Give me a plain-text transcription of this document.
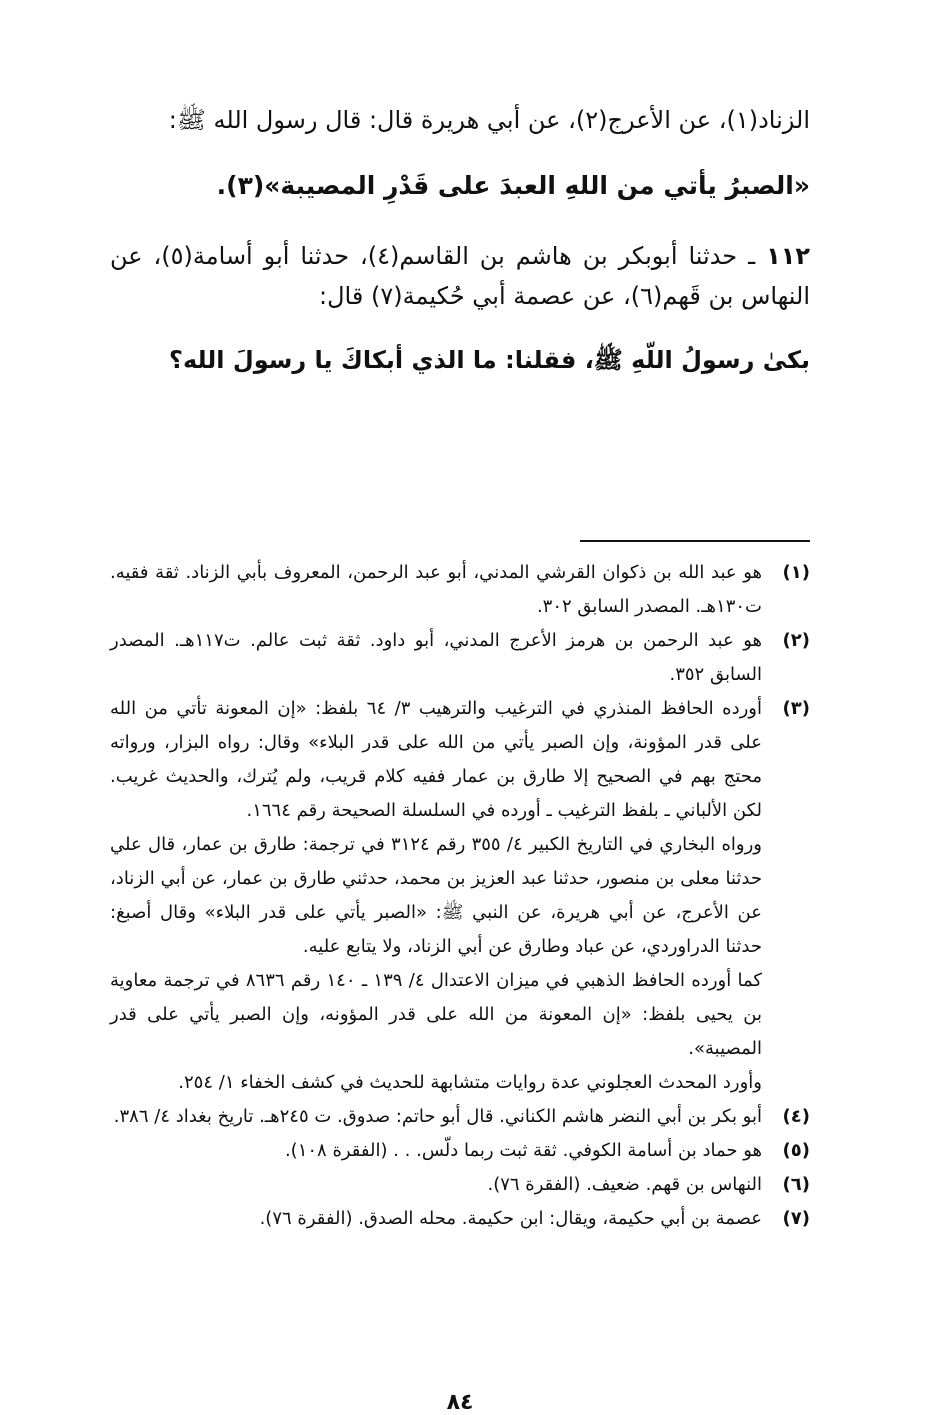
الزناد(١)، عن الأعرج(٢)، عن أبي هريرة قال: قال رسول الله ﷺ:

«الصبرُ يأتي من اللهِ العبدَ على قَدْرِ المصيبة»(٣).

١١٢ ـ حدثنا أبوبكر بن هاشم بن القاسم(٤)، حدثنا أبو أسامة(٥)، عن النهاس بن قَهم(٦)، عن عصمة أبي حُكيمة(٧) قال:

بكىٰ رسولُ اللّهِ ﷺ، فقلنا: ما الذي أبكاكَ يا رسولَ الله؟

(١)

هو عبد الله بن ذكوان القرشي المدني، أبو عبد الرحمن، المعروف بأبي الزناد. ثقة فقيه. ت١٣٠هـ. المصدر السابق ٣٠٢.

(٢)

هو عبد الرحمن بن هرمز الأعرج المدني، أبو داود. ثقة ثبت عالم. ت١١٧هـ. المصدر السابق ٣٥٢.

(٣)

أورده الحافظ المنذري في الترغيب والترهيب ٣/ ٦٤ بلفظ: «إن المعونة تأتي من الله على قدر المؤونة، وإن الصبر يأتي من الله على قدر البلاء» وقال: رواه البزار، ورواته محتج بهم في الصحيح إلا طارق بن عمار ففيه كلام قريب، ولم يُترك، والحديث غريب. لكن الألباني ـ بلفظ الترغيب ـ أورده في السلسلة الصحيحة رقم ١٦٦٤.

ورواه البخاري في التاريخ الكبير ٤/ ٣٥٥ رقم ٣١٢٤ في ترجمة: طارق بن عمار، قال علي حدثنا معلى بن منصور، حدثنا عبد العزيز بن محمد، حدثني طارق بن عمار، عن أبي الزناد، عن الأعرج، عن أبي هريرة، عن النبي ﷺ: «الصبر يأتي على قدر البلاء» وقال أصبغ: حدثنا الدراوردي، عن عباد وطارق عن أبي الزناد، ولا يتابع عليه.

كما أورده الحافظ الذهبي في ميزان الاعتدال ٤/ ١٣٩ ـ ١٤٠ رقم ٨٦٣٦ في ترجمة معاوية بن يحيى بلفظ: «إن المعونة من الله على قدر المؤونه، وإن الصبر يأتي على قدر المصيبة».

وأورد المحدث العجلوني عدة روايات متشابهة للحديث في كشف الخفاء ١/ ٢٥٤.

(٤)

أبو بكر بن أبي النضر هاشم الكناني. قال أبو حاتم: صدوق. ت ٢٤٥هـ. تاريخ بغداد ٤/ ٣٨٦.

(٥)

هو حماد بن أسامة الكوفي. ثقة ثبت ربما دلّس. . . (الفقرة ١٠٨).

(٦)

النهاس بن قهم. ضعيف. (الفقرة ٧٦).

(٧)

عصمة بن أبي حكيمة، ويقال: ابن حكيمة. محله الصدق. (الفقرة ٧٦).

٨٤
